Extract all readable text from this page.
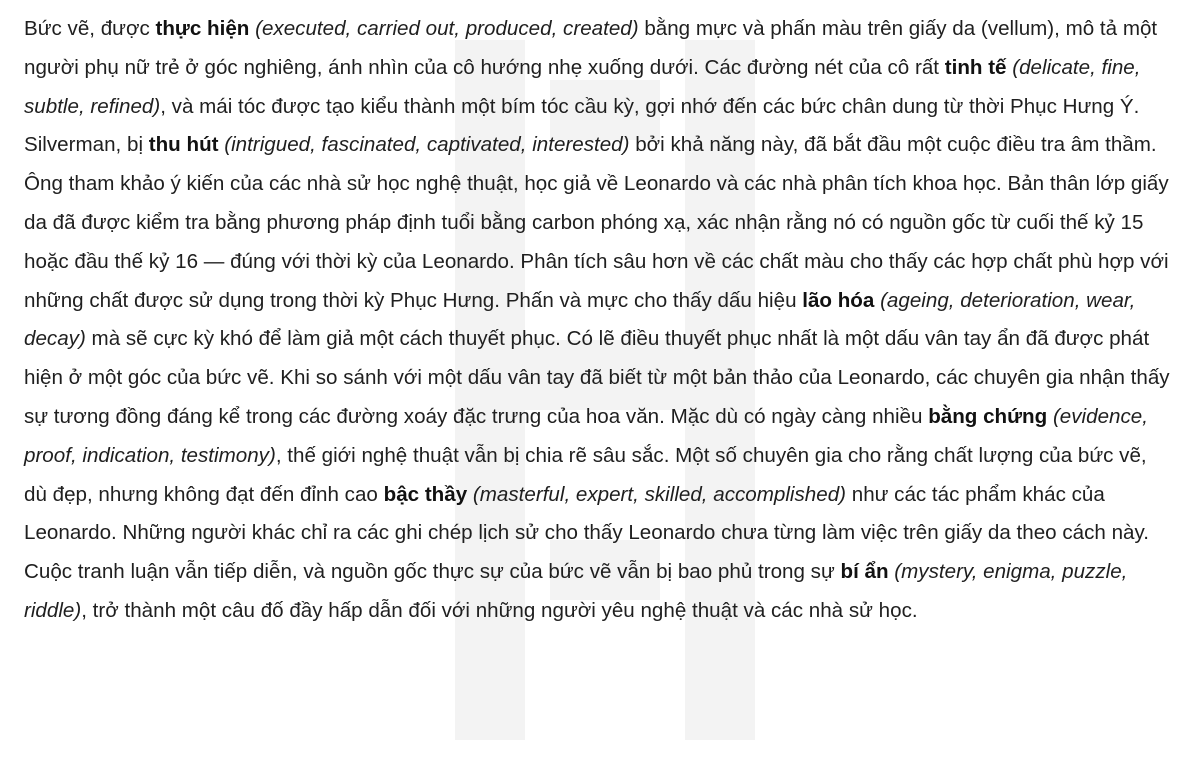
Bức vẽ, được thực hiện (executed, carried out, produced, created) bằng mực và phấn màu trên giấy da (vellum), mô tả một người phụ nữ trẻ ở góc nghiêng, ánh nhìn của cô hướng nhẹ xuống dưới. Các đường nét của cô rất tinh tế (delicate, fine, subtle, refined), và mái tóc được tạo kiểu thành một bím tóc cầu kỳ, gợi nhớ đến các bức chân dung từ thời Phục Hưng Ý. Silverman, bị thu hút (intrigued, fascinated, captivated, interested) bởi khả năng này, đã bắt đầu một cuộc điều tra âm thầm. Ông tham khảo ý kiến của các nhà sử học nghệ thuật, học giả về Leonardo và các nhà phân tích khoa học. Bản thân lớp giấy da đã được kiểm tra bằng phương pháp định tuổi bằng carbon phóng xạ, xác nhận rằng nó có nguồn gốc từ cuối thế kỷ 15 hoặc đầu thế kỷ 16 — đúng với thời kỳ của Leonardo. Phân tích sâu hơn về các chất màu cho thấy các hợp chất phù hợp với những chất được sử dụng trong thời kỳ Phục Hưng. Phấn và mực cho thấy dấu hiệu lão hóa (ageing, deterioration, wear, decay) mà sẽ cực kỳ khó để làm giả một cách thuyết phục. Có lẽ điều thuyết phục nhất là một dấu vân tay ẩn đã được phát hiện ở một góc của bức vẽ. Khi so sánh với một dấu vân tay đã biết từ một bản thảo của Leonardo, các chuyên gia nhận thấy sự tương đồng đáng kể trong các đường xoáy đặc trưng của hoa văn. Mặc dù có ngày càng nhiều bằng chứng (evidence, proof, indication, testimony), thế giới nghệ thuật vẫn bị chia rẽ sâu sắc. Một số chuyên gia cho rằng chất lượng của bức vẽ, dù đẹp, nhưng không đạt đến đỉnh cao bậc thầy (masterful, expert, skilled, accomplished) như các tác phẩm khác của Leonardo. Những người khác chỉ ra các ghi chép lịch sử cho thấy Leonardo chưa từng làm việc trên giấy da theo cách này. Cuộc tranh luận vẫn tiếp diễn, và nguồn gốc thực sự của bức vẽ vẫn bị bao phủ trong sự bí ẩn (mystery, enigma, puzzle, riddle), trở thành một câu đố đầy hấp dẫn đối với những người yêu nghệ thuật và các nhà sử học.
